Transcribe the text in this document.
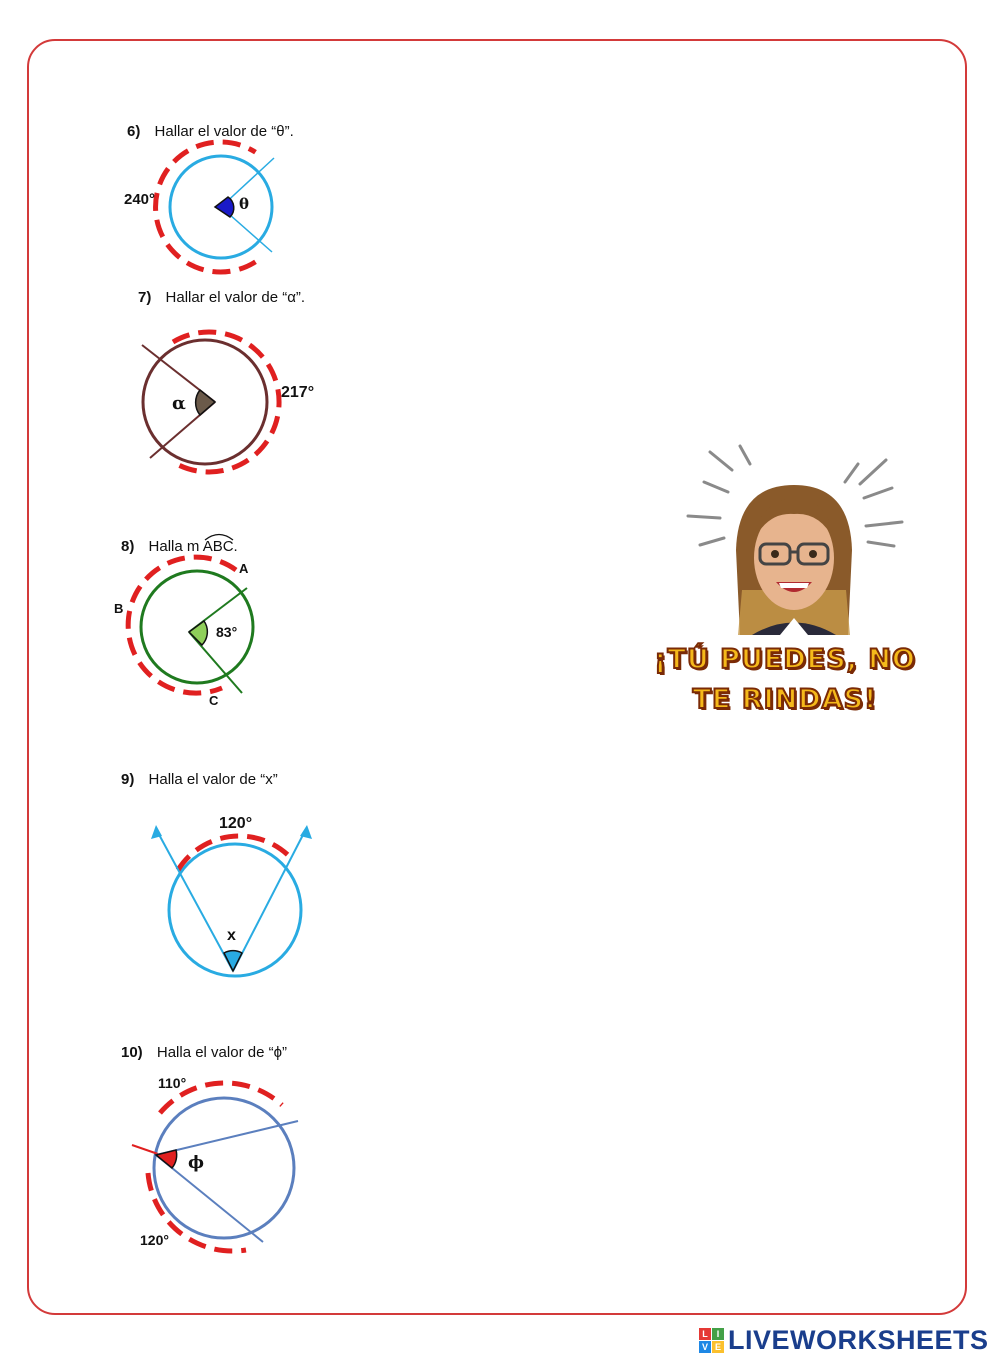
6) Hallar el valor de “θ”.
240°	θ
7) Hallar el valor de “α”.
α
217°
8) Halla m ABC
.
A
B
C
83°
9) Halla el valor de “x”
120°
x
10) Halla el valor de “ϕ”
110°
ϕ
120°
¡TÚ PUEDES, NO
TE RINDAS!
L I
V E LIVEWORKSHEETS
